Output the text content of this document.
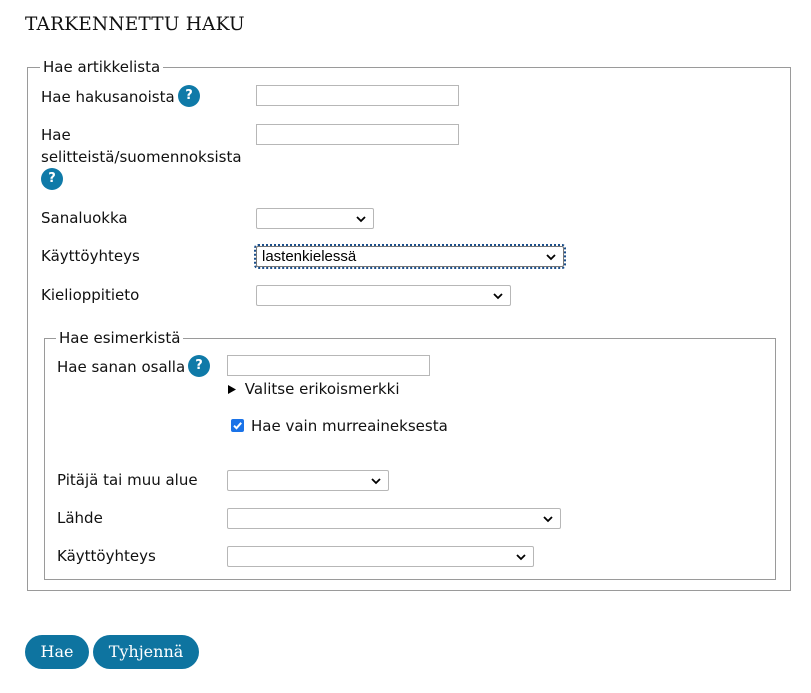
TARKENNETTU HAKU
Hae artikkelista
Hae hakusanoista ?
Hae
selitteistä/suomennoksista
?
Sanaluokka
Käyttöyhteys	lastenkielessä
Kielioppitieto
Hae esimerkistä
Hae sanan osalla ?
Valitse erikoismerkki
Hae vain murreaineksesta
Pitäjä tai muu alue
Lähde
Käyttöyhteys
Hae	Tyhjennä
